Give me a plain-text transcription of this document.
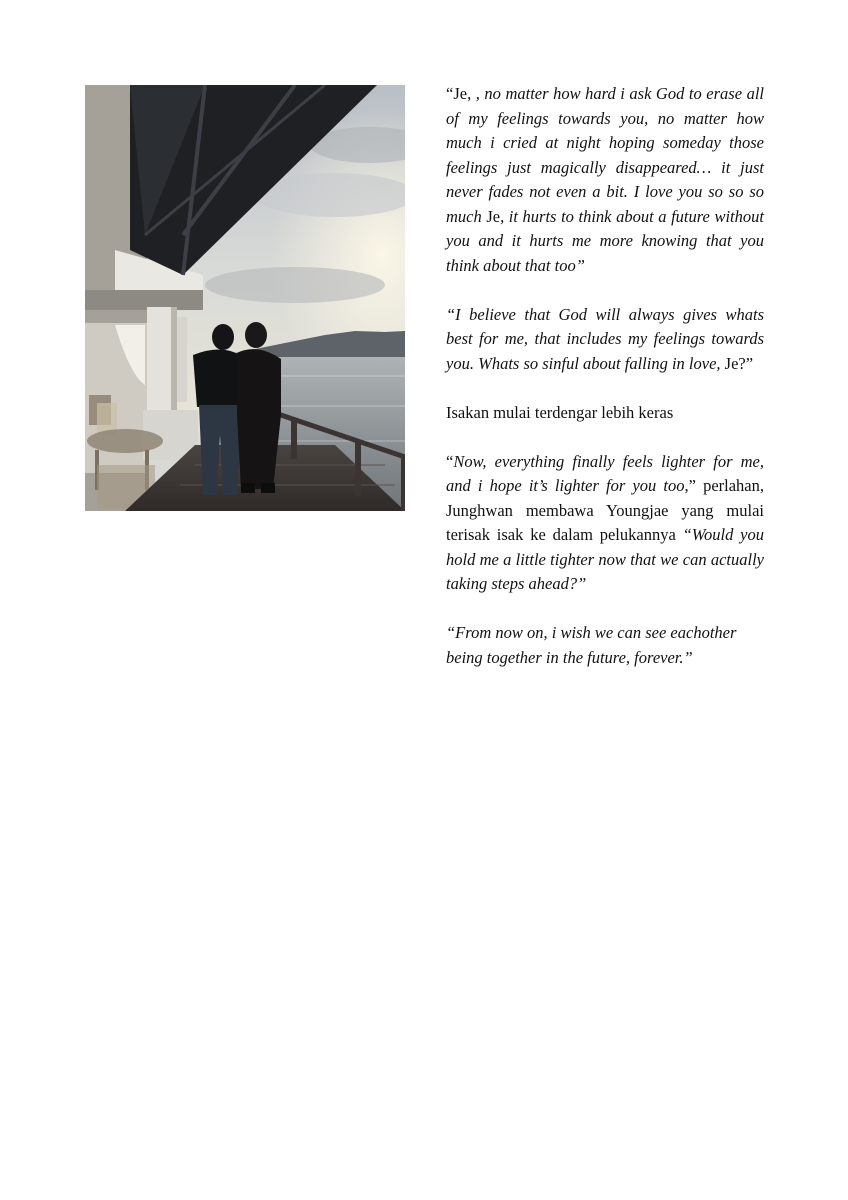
“Je, , no matter how hard i ask God to erase all of my feelings towards you, no matter how much i cried at night hoping someday those feelings just magically disappeared… it just never fades not even a bit. I love you so so so much Je, it hurts to think about a future without you and it hurts me more knowing that you think about that too”

“I believe that God will always gives whats best for me, that includes my feelings towards you. Whats so sinful about falling in love, Je?”

Isakan mulai terdengar lebih keras

“Now, everything finally feels lighter for me, and i hope it’s lighter for you too,” perlahan, Junghwan membawa Youngjae yang mulai terisak isak ke dalam pelukannya “Would you hold me a little tighter now that we can actually taking steps ahead?”

“From now on, i wish we can see eachother being together in the future, forever.”
